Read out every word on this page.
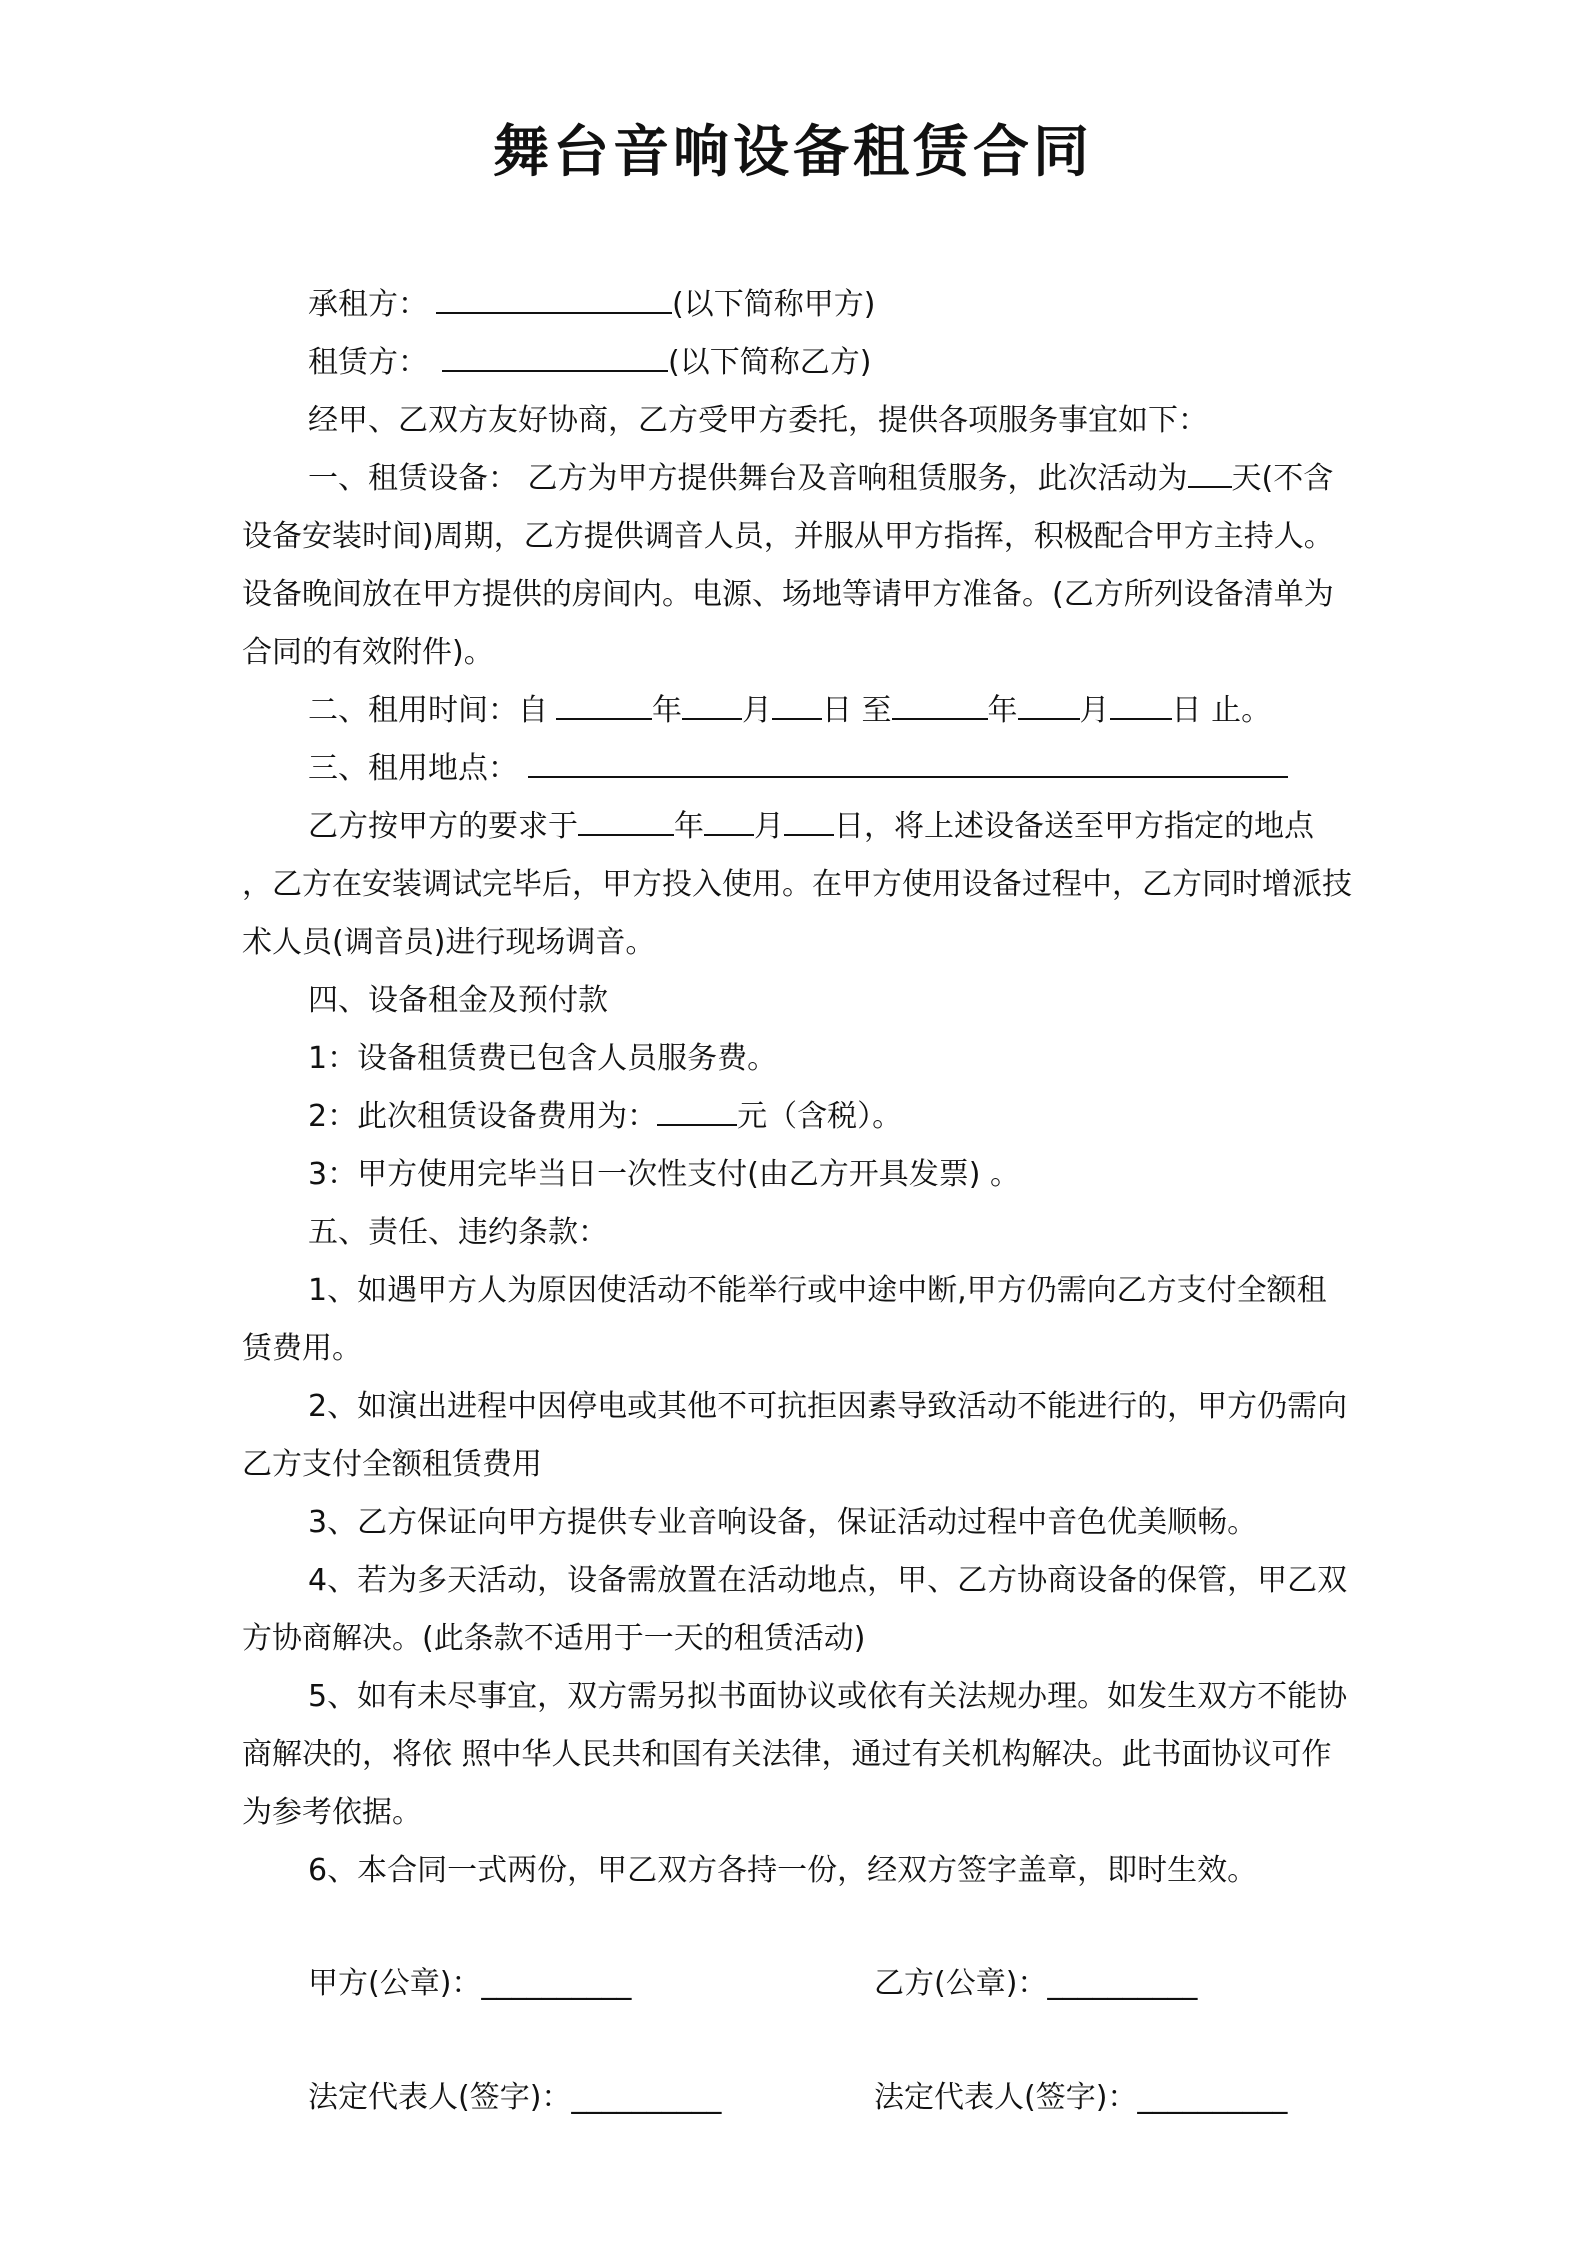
舞台音响设备租赁合同

承租方：	(以下简称甲方)

租赁方：	(以下简称乙方)

经甲、乙双方友好协商，乙方受甲方委托，提供各项服务事宜如下：

一、租赁设备： 乙方为甲方提供舞台及音响租赁服务，此次活动为 天(不含设备安装时间)周期，乙方提供调音人员，并服从甲方指挥，积极配合甲方主持人。设备晚间放在甲方提供的房间内。电源、场地等请甲方准备。(乙方所列设备清单为合同的有效附件)。

二、租用时间：自	年 月 日 至	年 月 日 止。

三、租用地点：

乙方按甲方的要求于	年 月 日，将上述设备送至甲方指定的地点 ，乙方在安装调试完毕后，甲方投入使用。在甲方使用设备过程中，乙方同时增派技术人员(调音员)进行现场调音。

四、设备租金及预付款

1：设备租赁费已包含人员服务费。

2：此次租赁设备费用为：	元（含税）。

3：甲方使用完毕当日一次性支付(由乙方开具发票) 。

五、责任、违约条款：

1、如遇甲方人为原因使活动不能举行或中途中断,甲方仍需向乙方支付全额租赁费用。

2、如演出进程中因停电或其他不可抗拒因素导致活动不能进行的，甲方仍需向乙方支付全额租赁费用

3、乙方保证向甲方提供专业音响设备，保证活动过程中音色优美顺畅。

4、若为多天活动，设备需放置在活动地点，甲、乙方协商设备的保管，甲乙双方协商解决。(此条款不适用于一天的租赁活动)

5、如有未尽事宜，双方需另拟书面协议或依有关法规办理。如发生双方不能协商解决的，将依 照中华人民共和国有关法律，通过有关机构解决。此书面协议可作为参考依据。

6、本合同一式两份，甲乙双方各持一份，经双方签字盖章，即时生效。

甲方(公章)：__________	乙方(公章)：__________
法定代表人(签字)：__________	法定代表人(签字)：__________
